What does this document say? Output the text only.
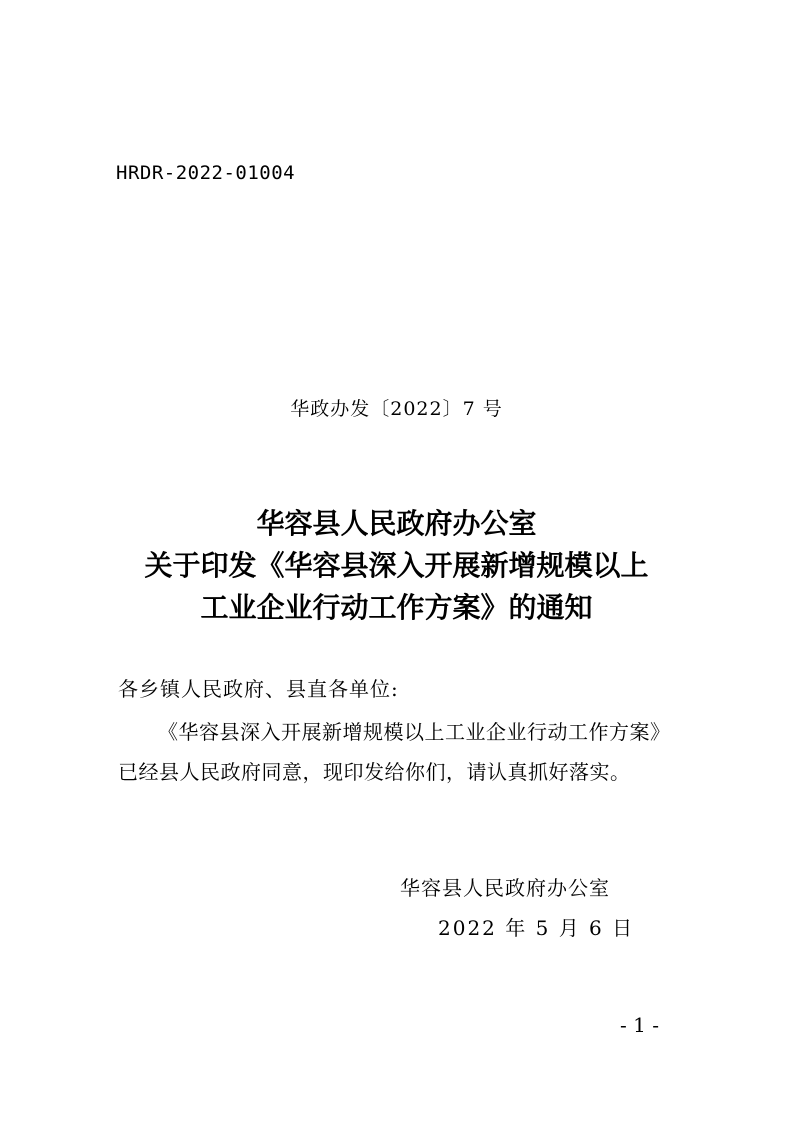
HRDR-2022-01004
华政办发〔2022〕7 号
华容县人民政府办公室
关于印发《华容县深入开展新增规模以上
工业企业行动工作方案》的通知
各乡镇人民政府、县直各单位:
《华容县深入开展新增规模以上工业企业行动工作方案》
已经县人民政府同意，现印发给你们，请认真抓好落实。
华容县人民政府办公室
2022 年 5 月 6 日
- 1 -
